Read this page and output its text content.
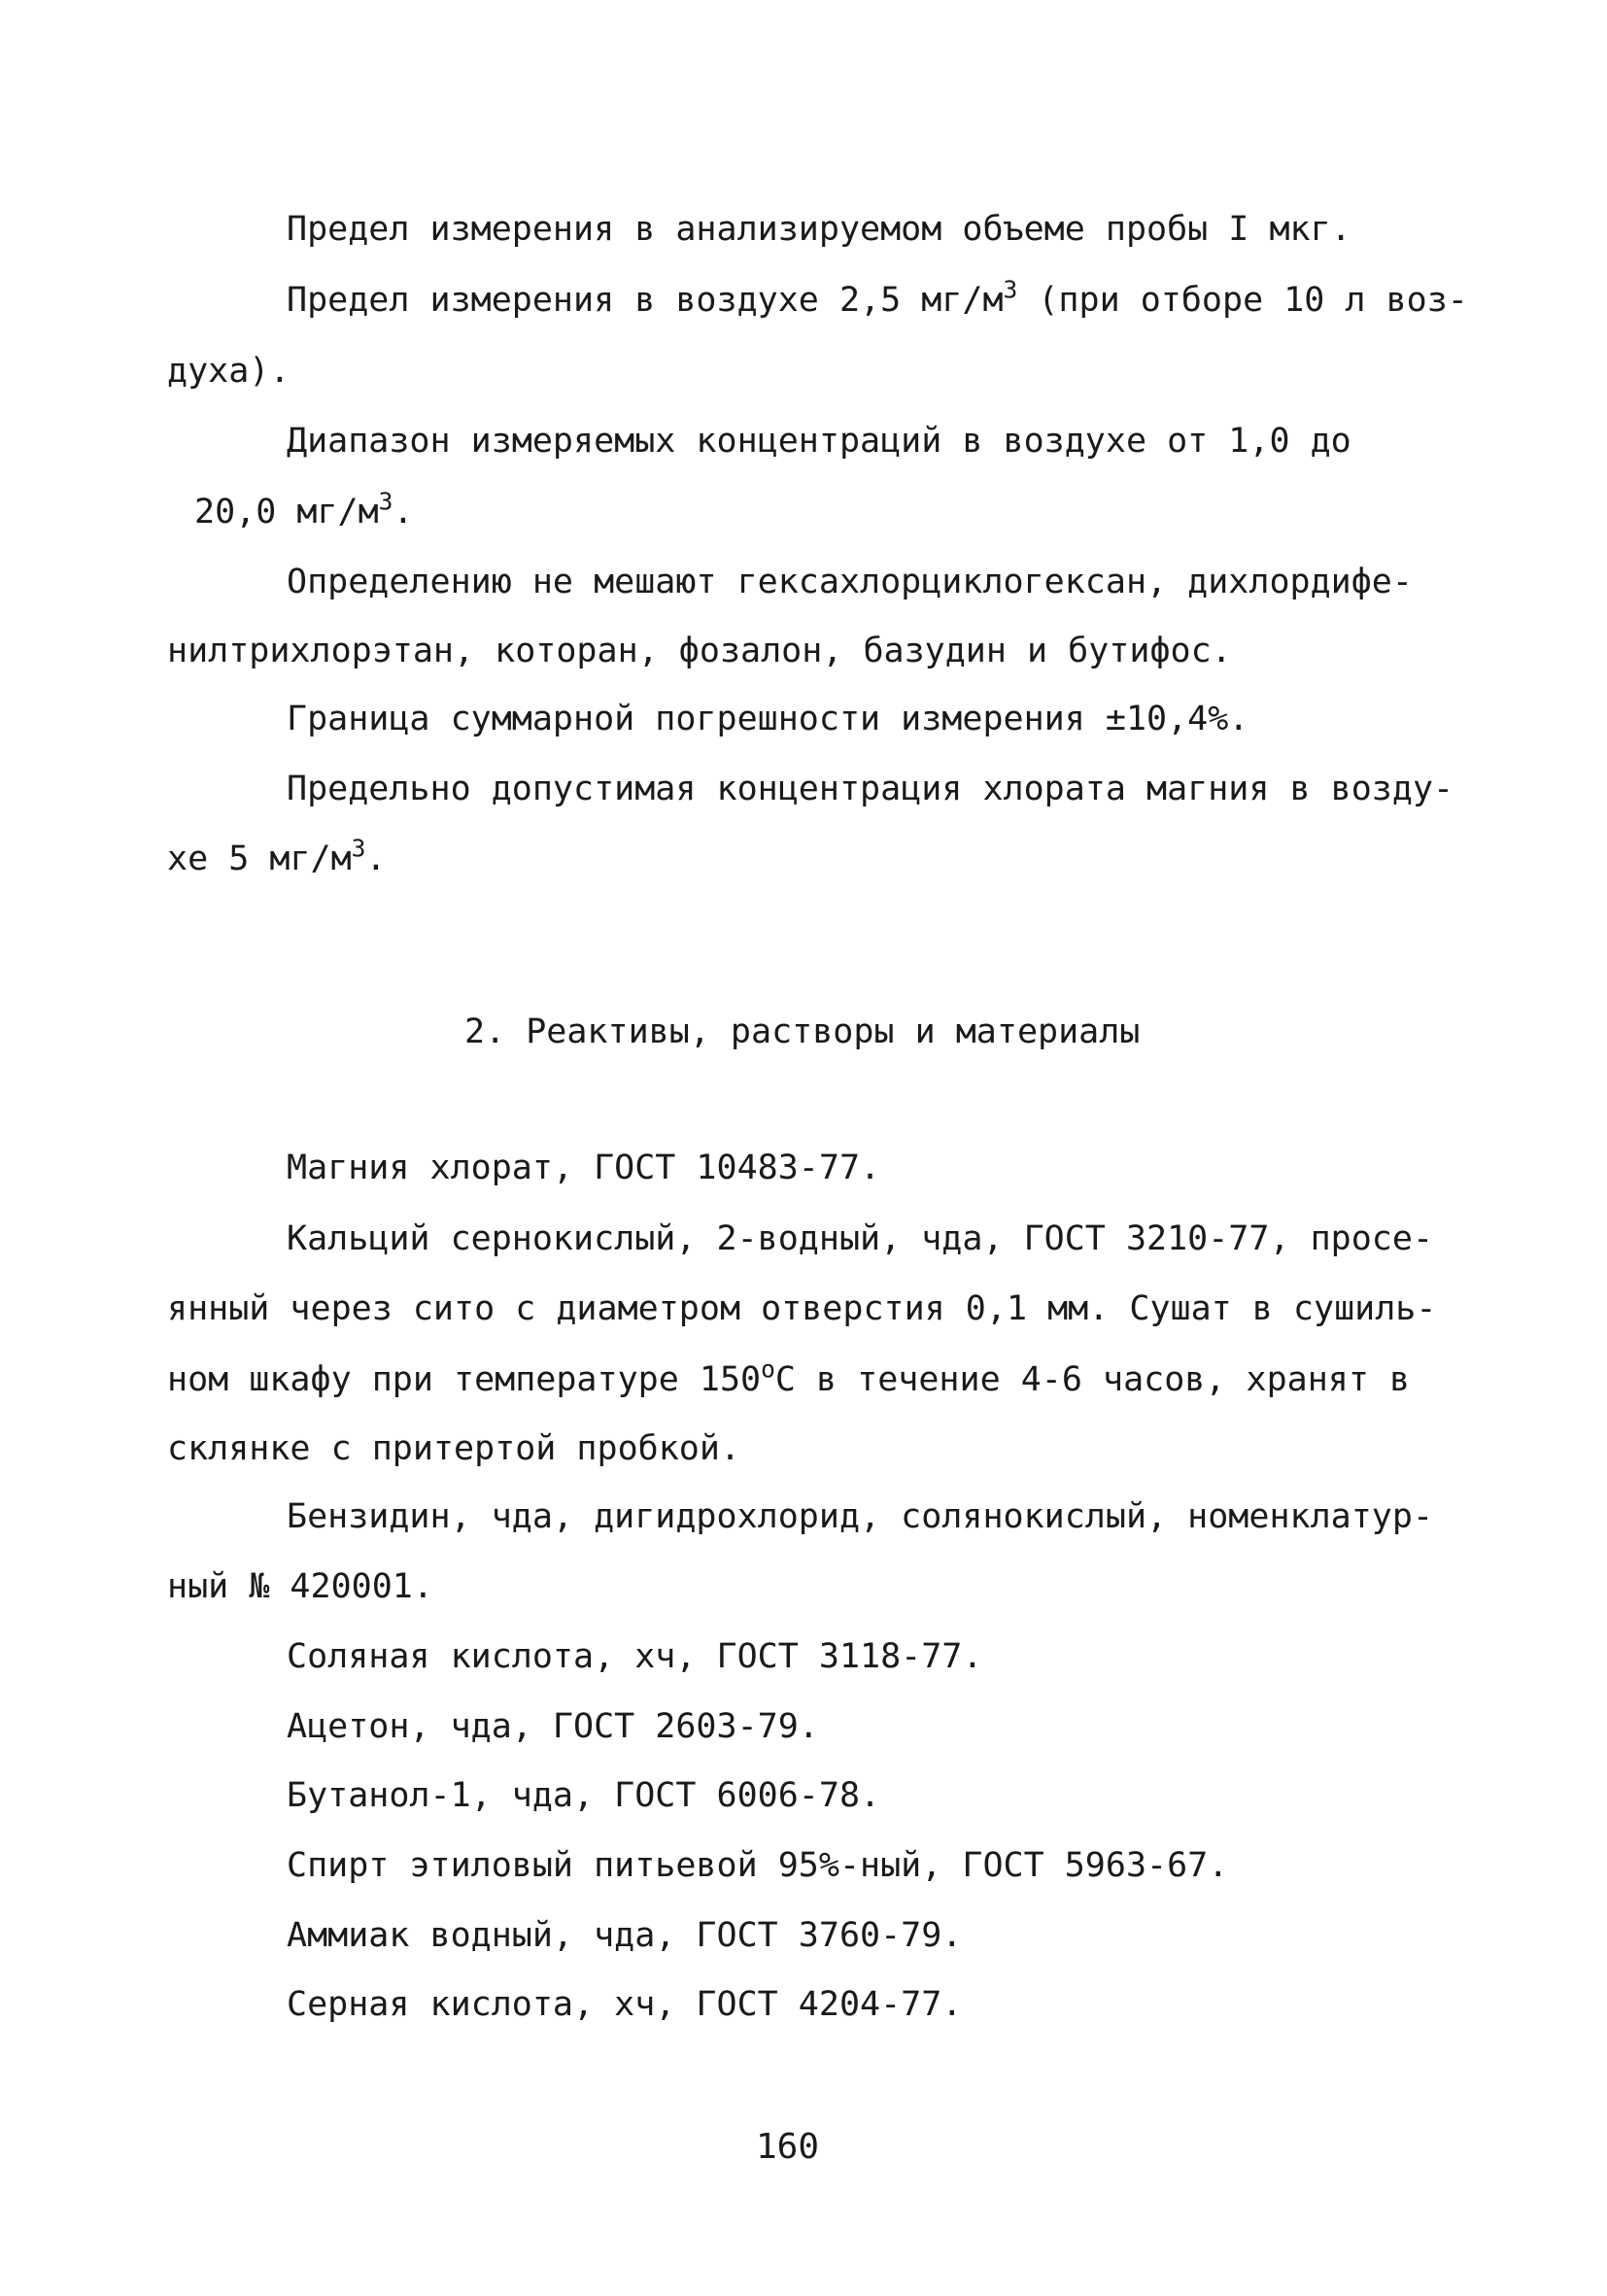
Предел измерения в анализируемом объеме пробы I мкг.
Предел измерения в воздухе 2,5 $мг/м^3$ (при отборе 10 л воз-
духа).
Диапазон измеряемых концентраций в воздухе от 1,0 до
20,0 $мг/м^3$.
Определению не мешают гексахлорциклогексан, дихлордифе-
нилтрихлорэтан, которан, фозалон, базудин и бутифос.
Граница суммарной погрешности измерения ±10,4%.
Предельно допустимая концентрация хлората магния в возду-
хе 5 $мг/м^3$.
2. Реактивы, растворы и материалы
Магния хлорат, ГОСТ 10483-77.
Кальций сернокислый, 2-водный, чда, ГОСТ 3210-77, просе-
янный через сито с диаметром отверстия 0,1 мм. Сушат в сушиль-
ном шкафу при температуре $150^оС$ в течение 4-6 часов, хранят в
склянке с притертой пробкой.
Бензидин, чда, дигидрохлорид, солянокислый, номенклатур-
ный № 420001.
Соляная кислота, хч, ГОСТ 3118-77.
Ацетон, чда, ГОСТ 2603-79.
Бутанол-1, чда, ГОСТ 6006-78.
Спирт этиловый питьевой 95%-ный, ГОСТ 5963-67.
Аммиак водный, чда, ГОСТ 3760-79.
Серная кислота, хч, ГОСТ 4204-77.
160
